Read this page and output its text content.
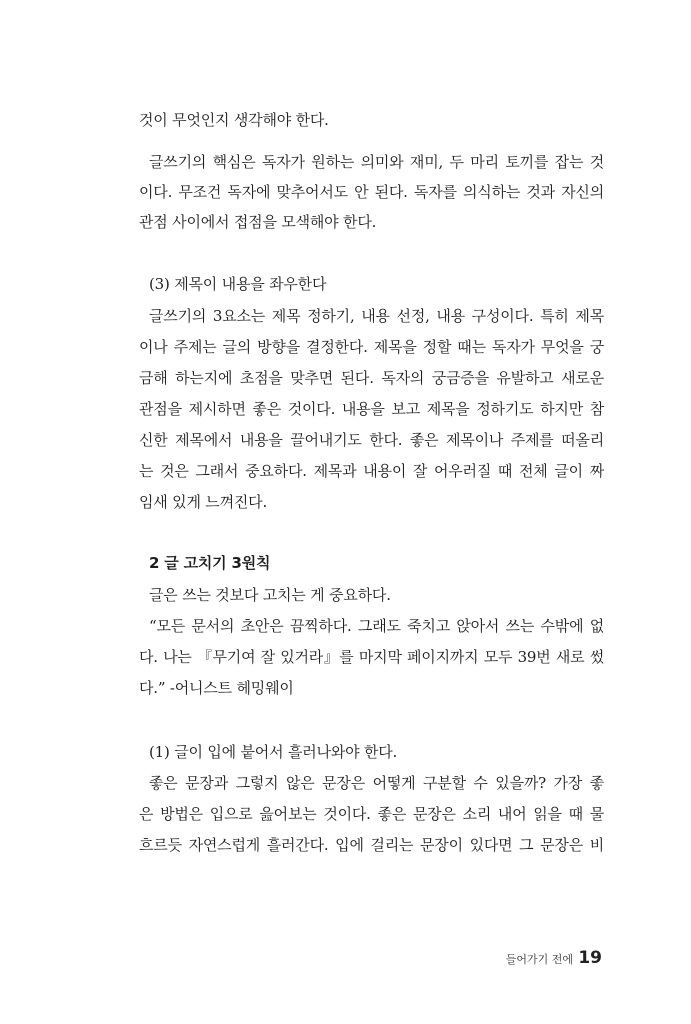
것이 무엇인지 생각해야 한다.
글쓰기의 핵심은 독자가 원하는 의미와 재미, 두 마리 토끼를 잡는 것
이다. 무조건 독자에 맞추어서도 안 된다. 독자를 의식하는 것과 자신의
관점 사이에서 접점을 모색해야 한다.
(3) 제목이 내용을 좌우한다
글쓰기의 3요소는 제목 정하기, 내용 선정, 내용 구성이다. 특히 제목
이나 주제는 글의 방향을 결정한다. 제목을 정할 때는 독자가 무엇을 궁
금해 하는지에 초점을 맞추면 된다. 독자의 궁금증을 유발하고 새로운
관점을 제시하면 좋은 것이다. 내용을 보고 제목을 정하기도 하지만 참
신한 제목에서 내용을 끌어내기도 한다. 좋은 제목이나 주제를 떠올리
는 것은 그래서 중요하다. 제목과 내용이 잘 어우러질 때 전체 글이 짜
임새 있게 느껴진다.
2 글 고치기 3원칙
글은 쓰는 것보다 고치는 게 중요하다.
“모든 문서의 초안은 끔찍하다. 그래도 죽치고 앉아서 쓰는 수밖에 없
다. 나는 『무기여 잘 있거라』를 마지막 페이지까지 모두 39번 새로 썼
다.” -어니스트 헤밍웨이
(1) 글이 입에 붙어서 흘러나와야 한다.
좋은 문장과 그렇지 않은 문장은 어떻게 구분할 수 있을까? 가장 좋
은 방법은 입으로 읊어보는 것이다. 좋은 문장은 소리 내어 읽을 때 물
흐르듯 자연스럽게 흘러간다. 입에 걸리는 문장이 있다면 그 문장은 비
들어가기 전에 19
